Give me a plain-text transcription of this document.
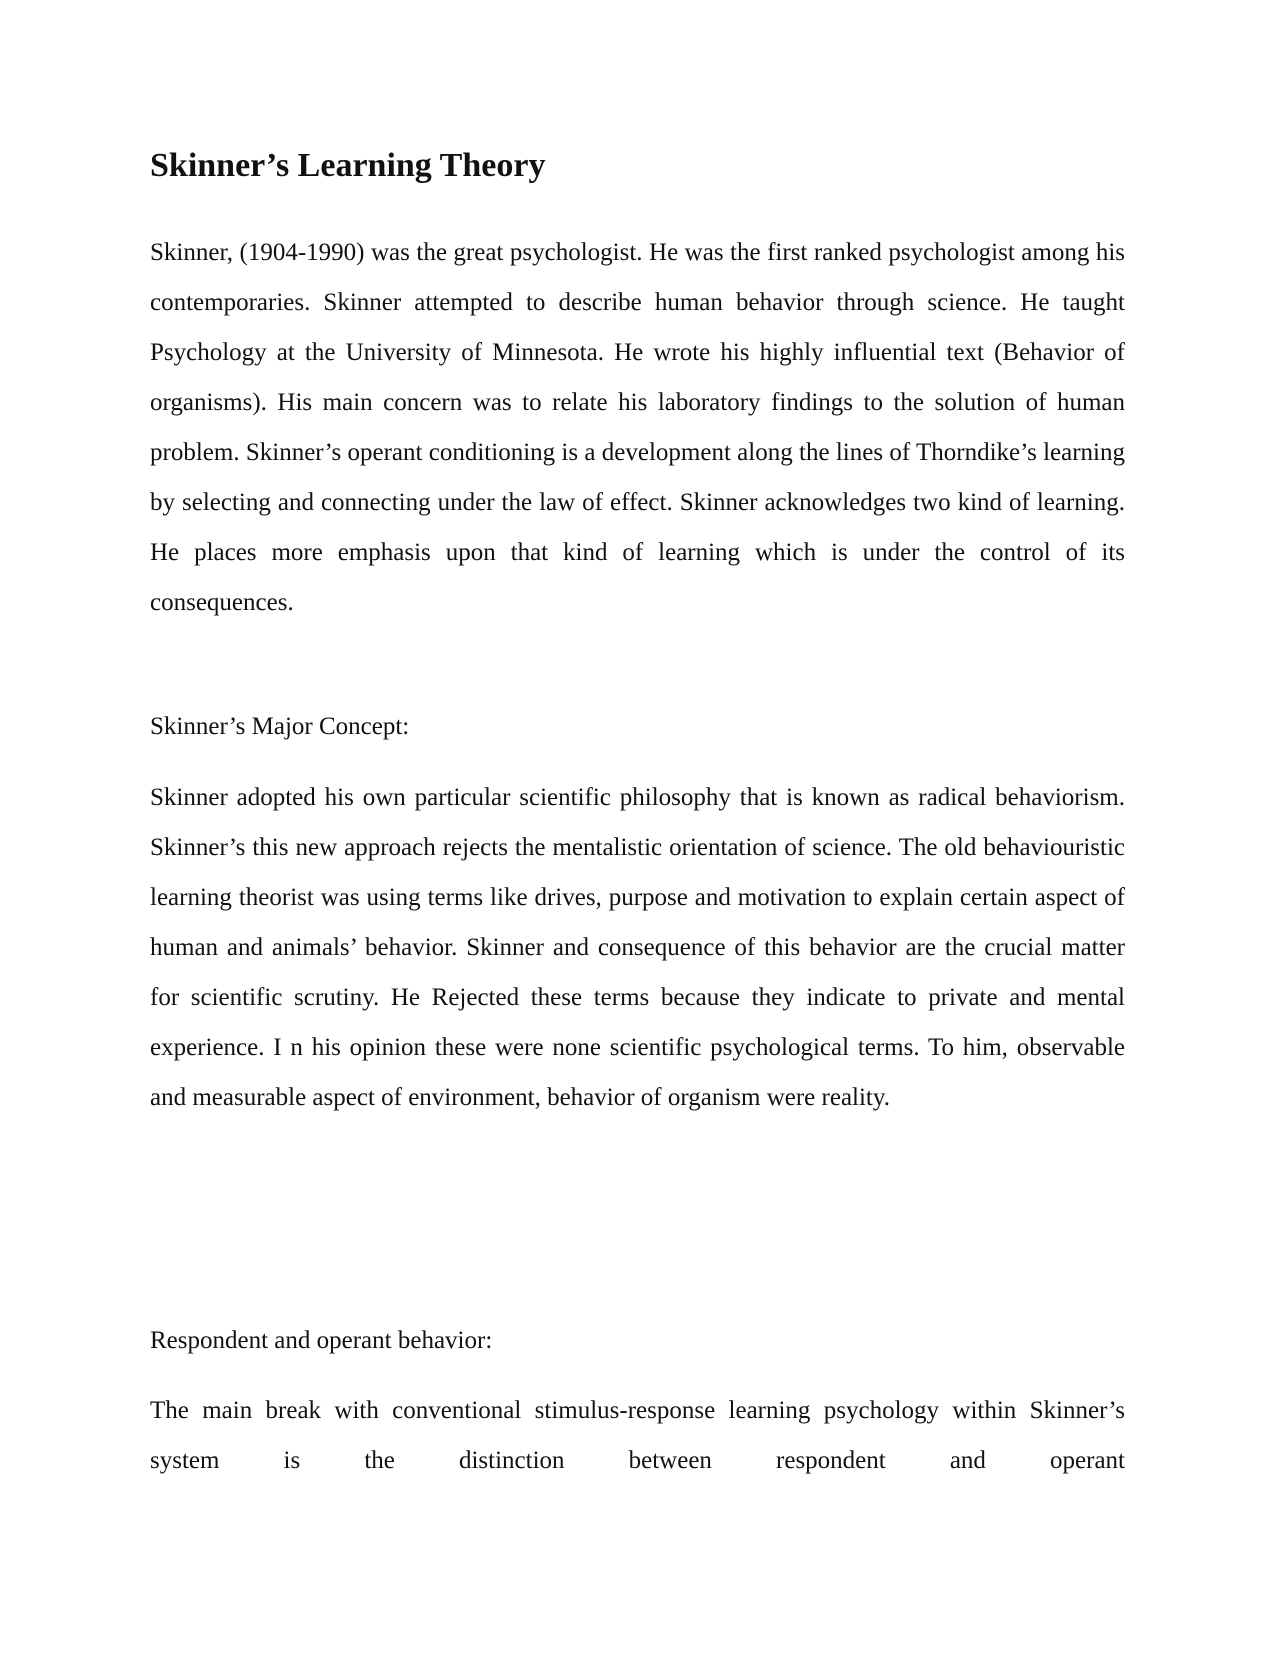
Skinner’s Learning Theory

Skinner, (1904-1990) was the great psychologist. He was the first ranked psychologist among his contemporaries. Skinner attempted to describe human behavior through science. He taught Psychology at the University of Minnesota. He wrote his highly influential text (Behavior of organisms). His main concern was to relate his laboratory findings to the solution of human problem. Skinner’s operant conditioning is a development along the lines of Thorndike’s learning by selecting and connecting under the law of effect. Skinner acknowledges two kind of learning. He places more emphasis upon that kind of learning which is under the control of its consequences.

Skinner’s Major Concept:

Skinner adopted his own particular scientific philosophy that is known as radical behaviorism. Skinner’s this new approach rejects the mentalistic orientation of science. The old behaviouristic learning theorist was using terms like drives, purpose and motivation to explain certain aspect of human and animals’ behavior. Skinner and consequence of this behavior are the crucial matter for scientific scrutiny. He Rejected these terms because they indicate to private and mental experience. I n his opinion these were none scientific psychological terms. To him, observable and measurable aspect of environment, behavior of organism were reality.

Respondent and operant behavior:

The main break with conventional stimulus-response learning psychology within Skinner’s system is the distinction between respondent and operant
